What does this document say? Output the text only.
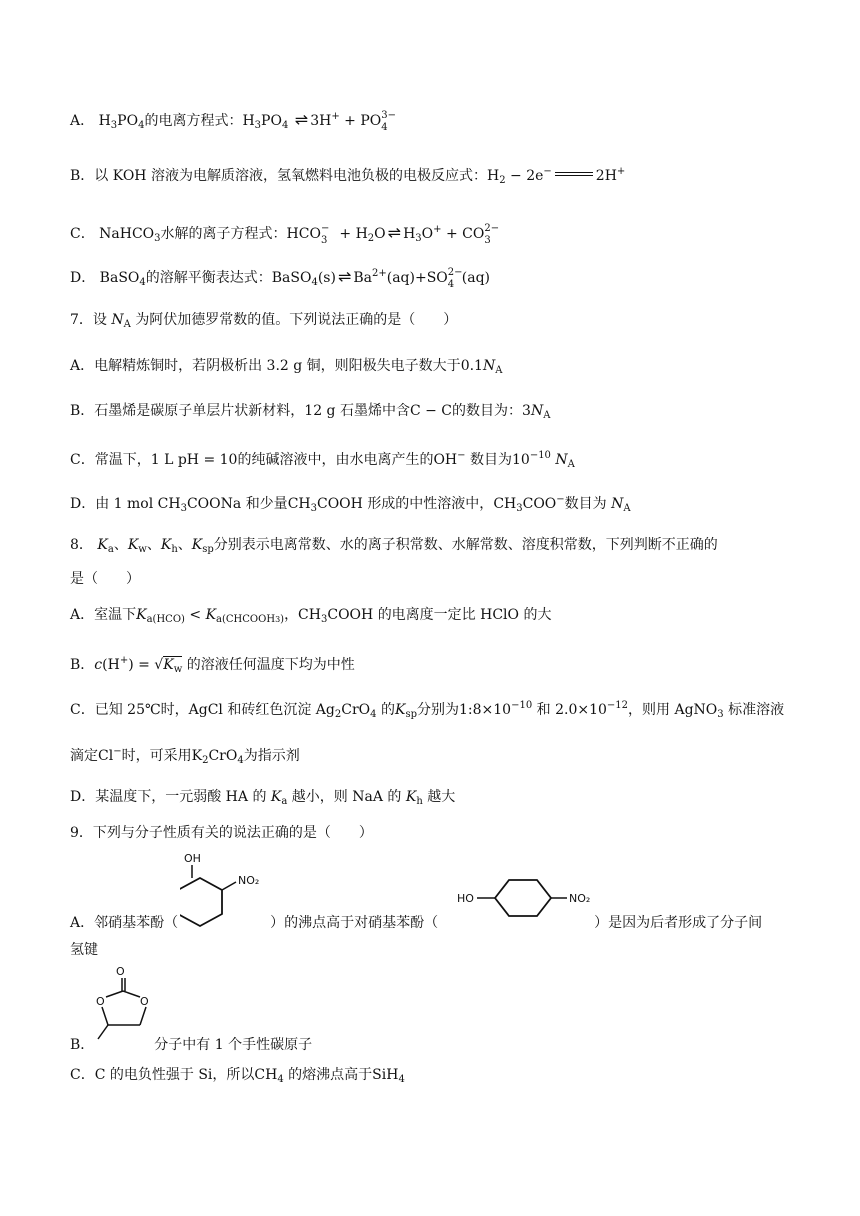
A． $H_3PO_4$的电离方程式：$H_3PO_4$ ⇌ 3H+ + PO 3−
4
B．以 KOH 溶液为电解质溶液，氢氧燃料电池负极的电极反应式：$H_2 - 2e^-$	2H+
C． NaHCO$_3$水解的离子方程式：HCO −
$3 + H_2O$ ⇌ $H_3O^+$ + CO 2−
3
D． BaSO$_4$的溶解平衡表达式：BaSO$_4$(s) ⇌ $Ba^{2+}(aq)+SO$ 2−
4 (aq)
7．设 $N_A$ 为阿伏加德罗常数的值。下列说法正确的是（　　）
A．电解精炼铜时，若阴极析出 3.2 g 铜，则阳极失电子数大于$0.1N_A$
B．石墨烯是碳原子单层片状新材料，12 g 石墨烯中含C − C的数目为：$3N_A$
C．常温下，1 L pH = 10的纯碱溶液中，由水电离产生的OH− 数目为$10^{-10}$ $N_A$
D．由 1 mol $CH_3COONa$ 和少量$CH_3COOH$ 形成的中性溶液中，$CH_3COO^-$数目为 $N_A$
8． $K_a$、$K_w$、$K_h$、$K_{sp}$分别表示电离常数、水的离子积常数、水解常数、溶度积常数，下列判断不正确的
是（　　）
A．室温下$K_{a(HCO)} < K_{a(CHCOOH3)}$，$CH_3COOH$ 的电离度一定比 HClO 的大
B．$c(H^+) = √K_w$ 的溶液任何温度下均为中性
C．已知 25℃时，AgCl 和砖红色沉淀 $Ag_2CrO_4$ 的$K_{sp}$分别为$1:8\times 10^{-10}$ 和 $2.0\times 10^{-12}$，则用 AgNO$_3$ 标准溶液
滴定Cl−时，可采用$K_2CrO_4$为指示剂
D．某温度下，一元弱酸 HA 的 $K_a$ 越小，则 NaA 的 $K_h$ 越大
9．下列与分子性质有关的说法正确的是（　　）
OH
NO₂
A．邻硝基苯酚（	）的沸点高于对硝基苯酚（	）是因为后者形成了分子间
HO	NO₂
氢键
O
O	O
B．	分子中有 1 个手性碳原子
C．C 的电负性强于 Si，所以$CH_4$ 的熔沸点高于SiH$_4$
